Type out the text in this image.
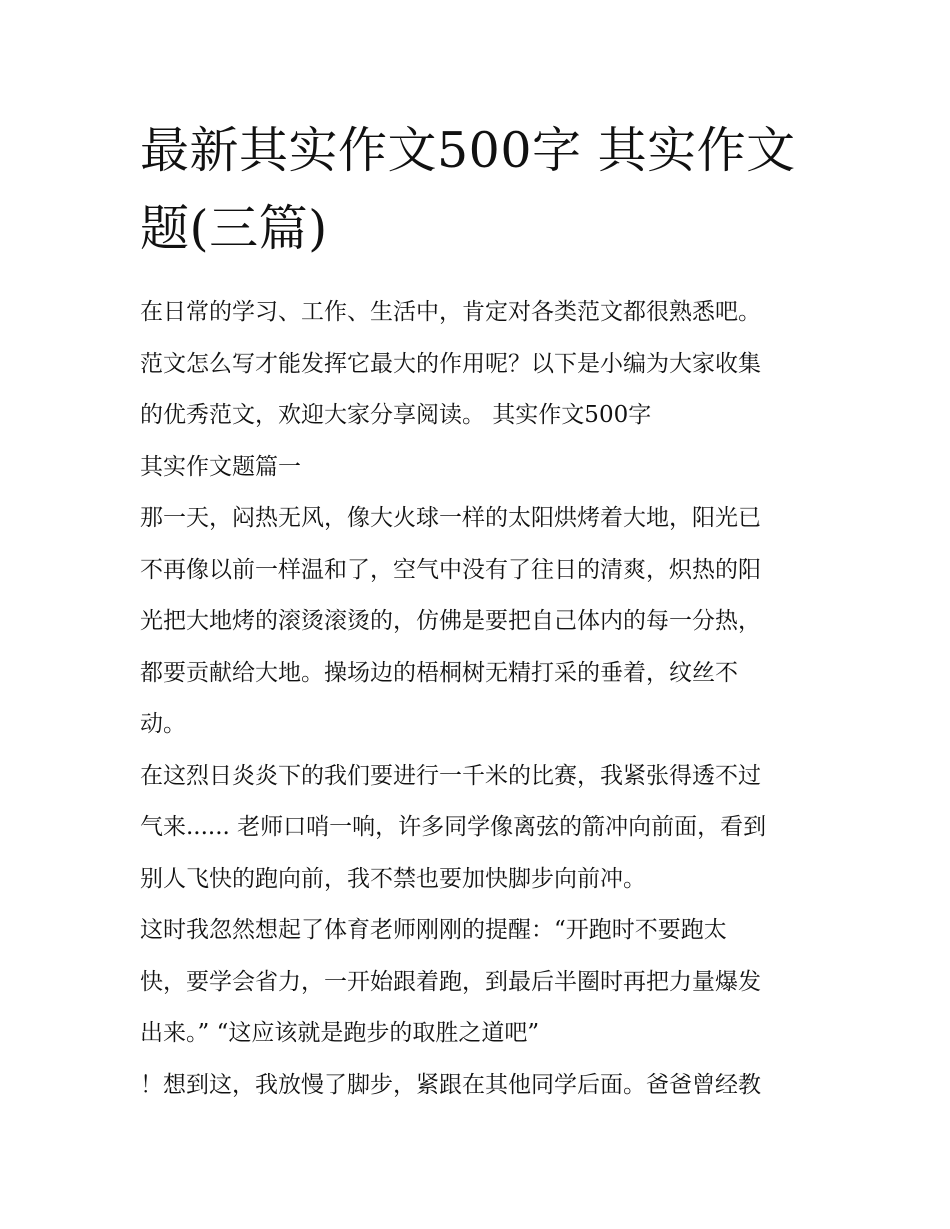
最新其实作文500字 其实作文
题(三篇)

在日常的学习、工作、生活中，肯定对各类范文都很熟悉吧。
范文怎么写才能发挥它最大的作用呢？以下是小编为大家收集
的优秀范文，欢迎大家分享阅读。 其实作文500字

其实作文题篇一

那一天，闷热无风，像大火球一样的太阳烘烤着大地，阳光已
不再像以前一样温和了，空气中没有了往日的清爽，炽热的阳
光把大地烤的滚烫滚烫的，仿佛是要把自己体内的每一分热，
都要贡献给大地。操场边的梧桐树无精打采的垂着，纹丝不
动。

在这烈日炎炎下的我们要进行一千米的比赛，我紧张得透不过
气来...... 老师口哨一响，许多同学像离弦的箭冲向前面，看到
别人飞快的跑向前，我不禁也要加快脚步向前冲。

这时我忽然想起了体育老师刚刚的提醒：“开跑时不要跑太
快，要学会省力，一开始跟着跑，到最后半圈时再把力量爆发
出来。” “这应该就是跑步的取胜之道吧”

！想到这，我放慢了脚步，紧跟在其他同学后面。爸爸曾经教
